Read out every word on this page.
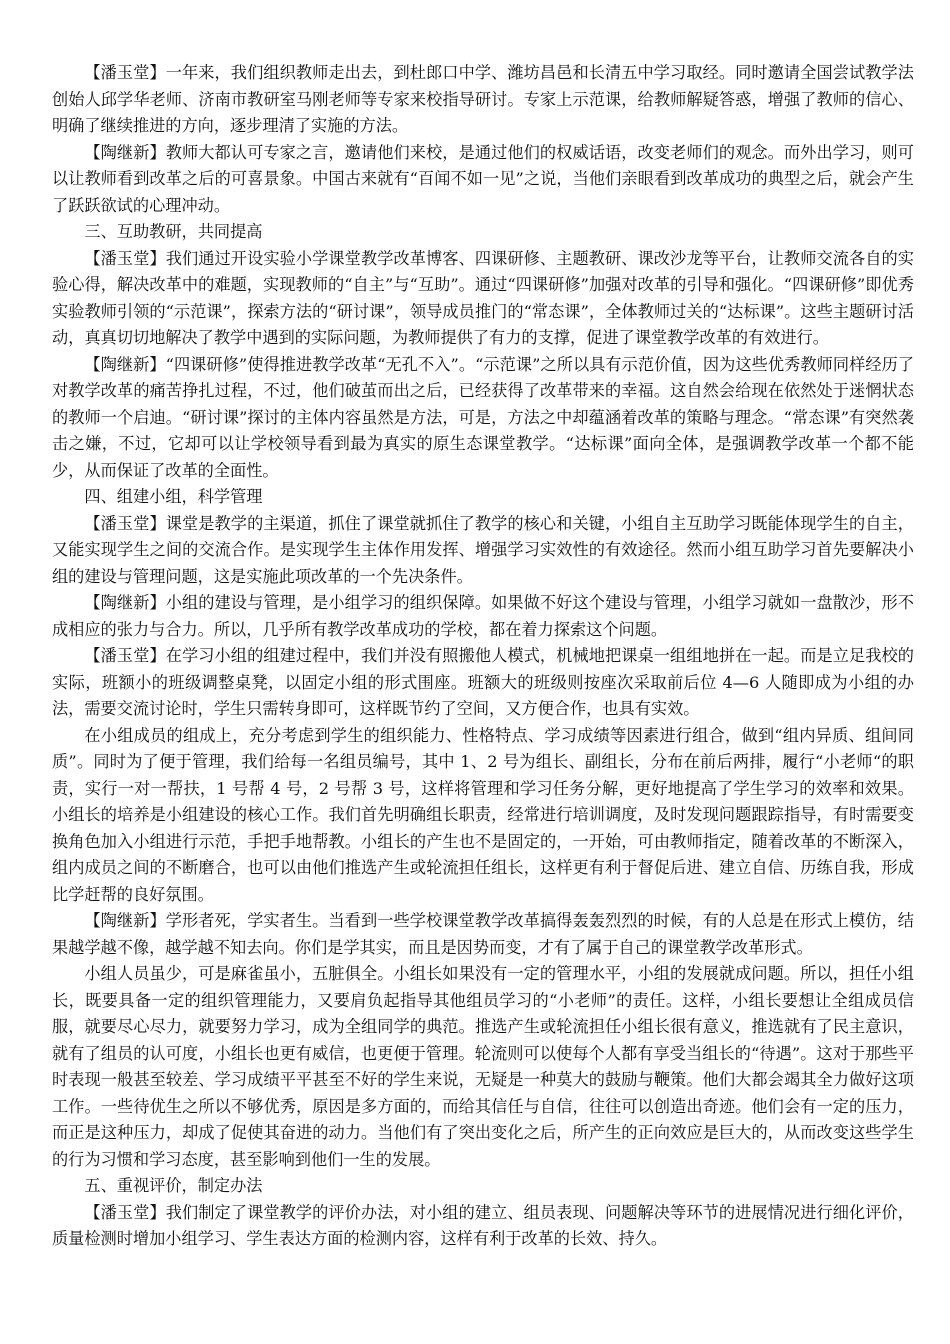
【潘玉堂】一年来，我们组织教师走出去，到杜郎口中学、潍坊昌邑和长清五中学习取经。同时邀请全国尝试教学法创始人邱学华老师、济南市教研室马刚老师等专家来校指导研讨。专家上示范课，给教师解疑答惑，增强了教师的信心、明确了继续推进的方向，逐步理清了实施的方法。

【陶继新】教师大都认可专家之言，邀请他们来校，是通过他们的权威话语，改变老师们的观念。而外出学习，则可以让教师看到改革之后的可喜景象。中国古来就有“百闻不如一见”之说，当他们亲眼看到改革成功的典型之后，就会产生了跃跃欲试的心理冲动。

三、互助教研，共同提高

【潘玉堂】我们通过开设实验小学课堂教学改革博客、四课研修、主题教研、课改沙龙等平台，让教师交流各自的实验心得，解决改革中的难题，实现教师的“自主”与“互助”。通过“四课研修”加强对改革的引导和强化。“四课研修”即优秀实验教师引领的“示范课”，探索方法的“研讨课”，领导成员推门的“常态课”，全体教师过关的“达标课”。这些主题研讨活动，真真切切地解决了教学中遇到的实际问题，为教师提供了有力的支撑，促进了课堂教学改革的有效进行。

【陶继新】“四课研修”使得推进教学改革“无孔不入”。“示范课”之所以具有示范价值，因为这些优秀教师同样经历了对教学改革的痛苦挣扎过程，不过，他们破茧而出之后，已经获得了改革带来的幸福。这自然会给现在依然处于迷惘状态的教师一个启迪。“研讨课”探讨的主体内容虽然是方法，可是，方法之中却蕴涵着改革的策略与理念。“常态课”有突然袭击之嫌，不过，它却可以让学校领导看到最为真实的原生态课堂教学。“达标课”面向全体，是强调教学改革一个都不能少，从而保证了改革的全面性。

四、组建小组，科学管理

【潘玉堂】课堂是教学的主渠道，抓住了课堂就抓住了教学的核心和关键，小组自主互助学习既能体现学生的自主，又能实现学生之间的交流合作。是实现学生主体作用发挥、增强学习实效性的有效途径。然而小组互助学习首先要解决小组的建设与管理问题，这是实施此项改革的一个先决条件。

【陶继新】小组的建设与管理，是小组学习的组织保障。如果做不好这个建设与管理，小组学习就如一盘散沙，形不成相应的张力与合力。所以，几乎所有教学改革成功的学校，都在着力探索这个问题。

【潘玉堂】在学习小组的组建过程中，我们并没有照搬他人模式，机械地把课桌一组组地拼在一起。而是立足我校的实际，班额小的班级调整桌凳，以固定小组的形式围座。班额大的班级则按座次采取前后位 4—6 人随即成为小组的办法，需要交流讨论时，学生只需转身即可，这样既节约了空间，又方便合作，也具有实效。

在小组成员的组成上，充分考虑到学生的组织能力、性格特点、学习成绩等因素进行组合，做到“组内异质、组间同质”。同时为了便于管理，我们给每一名组员编号，其中 1、2 号为组长、副组长，分布在前后两排，履行“小老师“的职责，实行一对一帮扶，1 号帮 4 号，2 号帮 3 号，这样将管理和学习任务分解，更好地提高了学生学习的效率和效果。小组长的培养是小组建设的核心工作。我们首先明确组长职责，经常进行培训调度，及时发现问题跟踪指导，有时需要变换角色加入小组进行示范，手把手地帮教。小组长的产生也不是固定的，一开始，可由教师指定，随着改革的不断深入，组内成员之间的不断磨合，也可以由他们推选产生或轮流担任组长，这样更有利于督促后进、建立自信、历练自我，形成比学赶帮的良好氛围。

【陶继新】学形者死，学实者生。当看到一些学校课堂教学改革搞得轰轰烈烈的时候，有的人总是在形式上模仿，结果越学越不像，越学越不知去向。你们是学其实，而且是因势而变，才有了属于自己的课堂教学改革形式。

小组人员虽少，可是麻雀虽小，五脏俱全。小组长如果没有一定的管理水平，小组的发展就成问题。所以，担任小组长，既要具备一定的组织管理能力，又要肩负起指导其他组员学习的“小老师”的责任。这样，小组长要想让全组成员信服，就要尽心尽力，就要努力学习，成为全组同学的典范。推选产生或轮流担任小组长很有意义，推选就有了民主意识，就有了组员的认可度，小组长也更有威信，也更便于管理。轮流则可以使每个人都有享受当组长的“待遇”。这对于那些平时表现一般甚至较差、学习成绩平平甚至不好的学生来说，无疑是一种莫大的鼓励与鞭策。他们大都会竭其全力做好这项工作。一些待优生之所以不够优秀，原因是多方面的，而给其信任与自信，往往可以创造出奇迹。他们会有一定的压力，而正是这种压力，却成了促使其奋进的动力。当他们有了突出变化之后，所产生的正向效应是巨大的，从而改变这些学生的行为习惯和学习态度，甚至影响到他们一生的发展。

五、重视评价，制定办法

【潘玉堂】我们制定了课堂教学的评价办法，对小组的建立、组员表现、问题解决等环节的进展情况进行细化评价，质量检测时增加小组学习、学生表达方面的检测内容，这样有利于改革的长效、持久。
